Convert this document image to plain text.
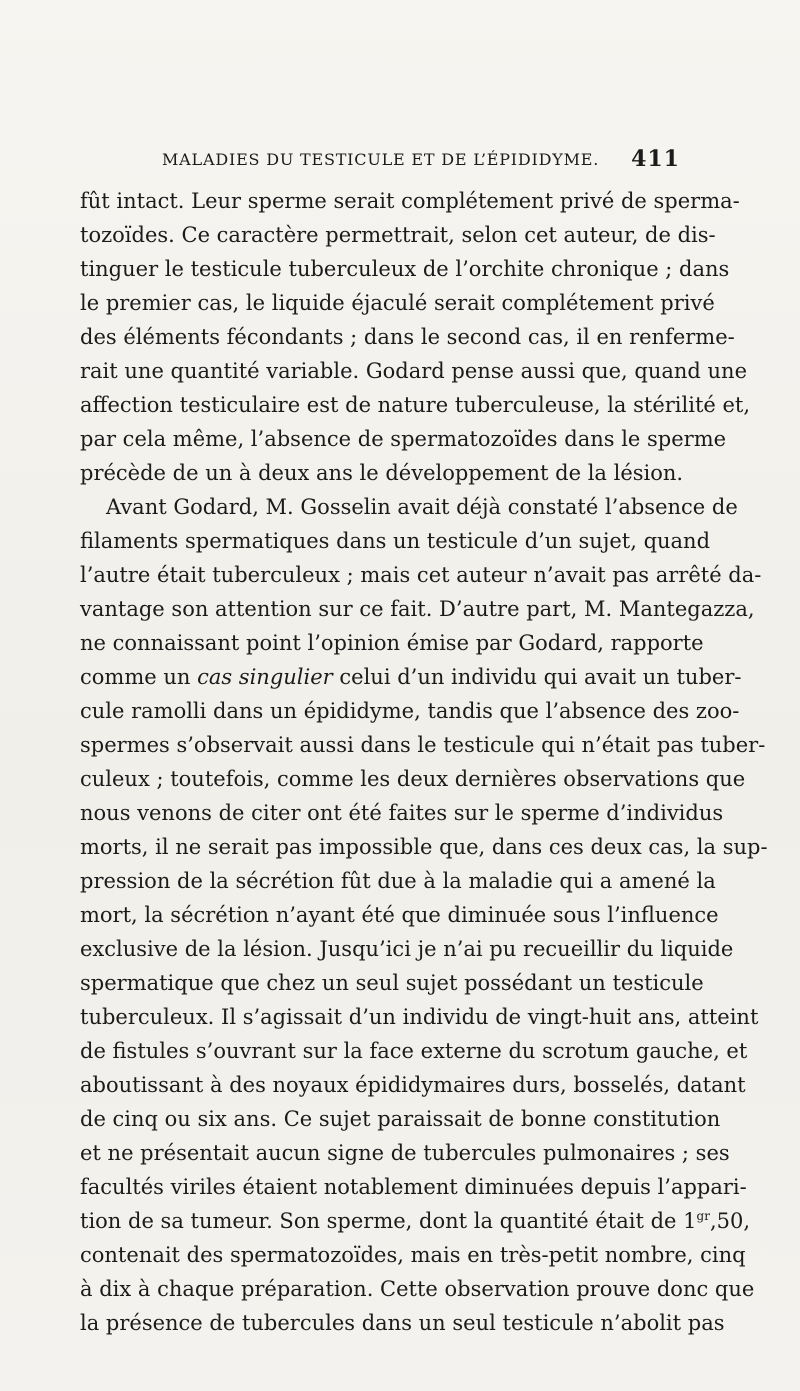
MALADIES DU TESTICULE ET DE L’ÉPIDIDYME. 411
fût intact. Leur sperme serait complétement privé de sperma-
tozoïdes. Ce caractère permettrait, selon cet auteur, de dis-
tinguer le testicule tuberculeux de l’orchite chronique ; dans
le premier cas, le liquide éjaculé serait complétement privé
des éléments fécondants ; dans le second cas, il en renferme-
rait une quantité variable. Godard pense aussi que, quand une
affection testiculaire est de nature tuberculeuse, la stérilité et,
par cela même, l’absence de spermatozoïdes dans le sperme
précède de un à deux ans le développement de la lésion.
Avant Godard, M. Gosselin avait déjà constaté l’absence de
filaments spermatiques dans un testicule d’un sujet, quand
l’autre était tuberculeux ; mais cet auteur n’avait pas arrêté da-
vantage son attention sur ce fait. D’autre part, M. Mantegazza,
ne connaissant point l’opinion émise par Godard, rapporte
comme un cas singulier celui d’un individu qui avait un tuber-
cule ramolli dans un épididyme, tandis que l’absence des zoo-
spermes s’observait aussi dans le testicule qui n’était pas tuber-
culeux ; toutefois, comme les deux dernières observations que
nous venons de citer ont été faites sur le sperme d’individus
morts, il ne serait pas impossible que, dans ces deux cas, la sup-
pression de la sécrétion fût due à la maladie qui a amené la
mort, la sécrétion n’ayant été que diminuée sous l’influence
exclusive de la lésion. Jusqu’ici je n’ai pu recueillir du liquide
spermatique que chez un seul sujet possédant un testicule
tuberculeux. Il s’agissait d’un individu de vingt-huit ans, atteint
de fistules s’ouvrant sur la face externe du scrotum gauche, et
aboutissant à des noyaux épididymaires durs, bosselés, datant
de cinq ou six ans. Ce sujet paraissait de bonne constitution
et ne présentait aucun signe de tubercules pulmonaires ; ses
facultés viriles étaient notablement diminuées depuis l’appari-
tion de sa tumeur. Son sperme, dont la quantité était de $1^{gr},50$,
contenait des spermatozoïdes, mais en très-petit nombre, cinq
à dix à chaque préparation. Cette observation prouve donc que
la présence de tubercules dans un seul testicule n’abolit pas
